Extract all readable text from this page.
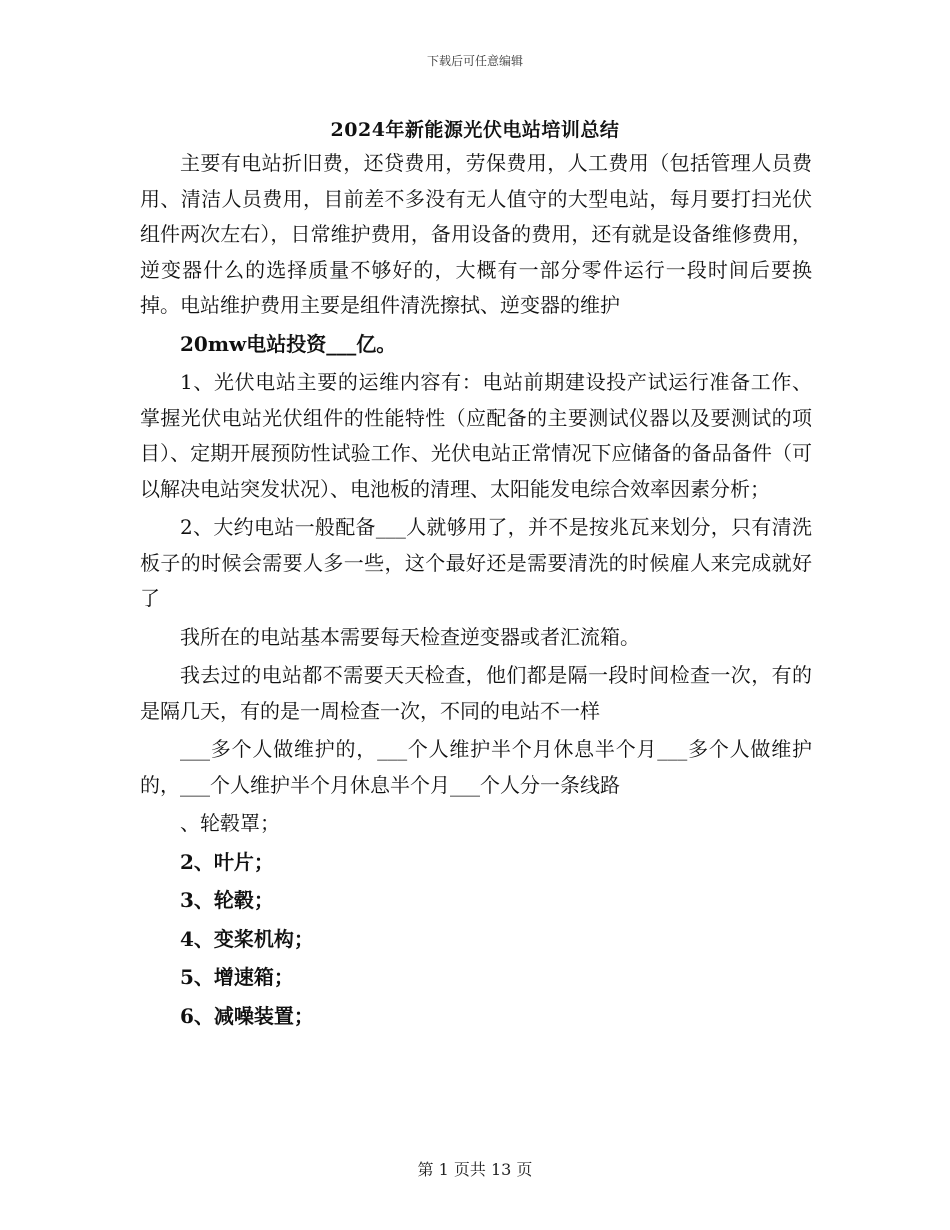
下载后可任意编辑
2024年新能源光伏电站培训总结

主要有电站折旧费，还贷费用，劳保费用，人工费用（包括管理人员费用、清洁人员费用，目前差不多没有无人值守的大型电站，每月要打扫光伏组件两次左右），日常维护费用，备用设备的费用，还有就是设备维修费用，逆变器什么的选择质量不够好的，大概有一部分零件运行一段时间后要换掉。电站维护费用主要是组件清洗擦拭、逆变器的维护

20mw电站投资___亿。

1、光伏电站主要的运维内容有：电站前期建设投产试运行准备工作、掌握光伏电站光伏组件的性能特性（应配备的主要测试仪器以及要测试的项目）、定期开展预防性试验工作、光伏电站正常情况下应储备的备品备件（可以解决电站突发状况）、电池板的清理、太阳能发电综合效率因素分析；

2、大约电站一般配备___人就够用了，并不是按兆瓦来划分，只有清洗板子的时候会需要人多一些，这个最好还是需要清洗的时候雇人来完成就好了

我所在的电站基本需要每天检查逆变器或者汇流箱。

我去过的电站都不需要天天检查，他们都是隔一段时间检查一次，有的是隔几天，有的是一周检查一次，不同的电站不一样

___多个人做维护的，___个人维护半个月休息半个月___多个人做维护的，___个人维护半个月休息半个月___个人分一条线路

、轮毂罩；

2、叶片；

3、轮毂；

4、变桨机构；

5、增速箱；

6、减噪装置；

第 1 页共 13 页
